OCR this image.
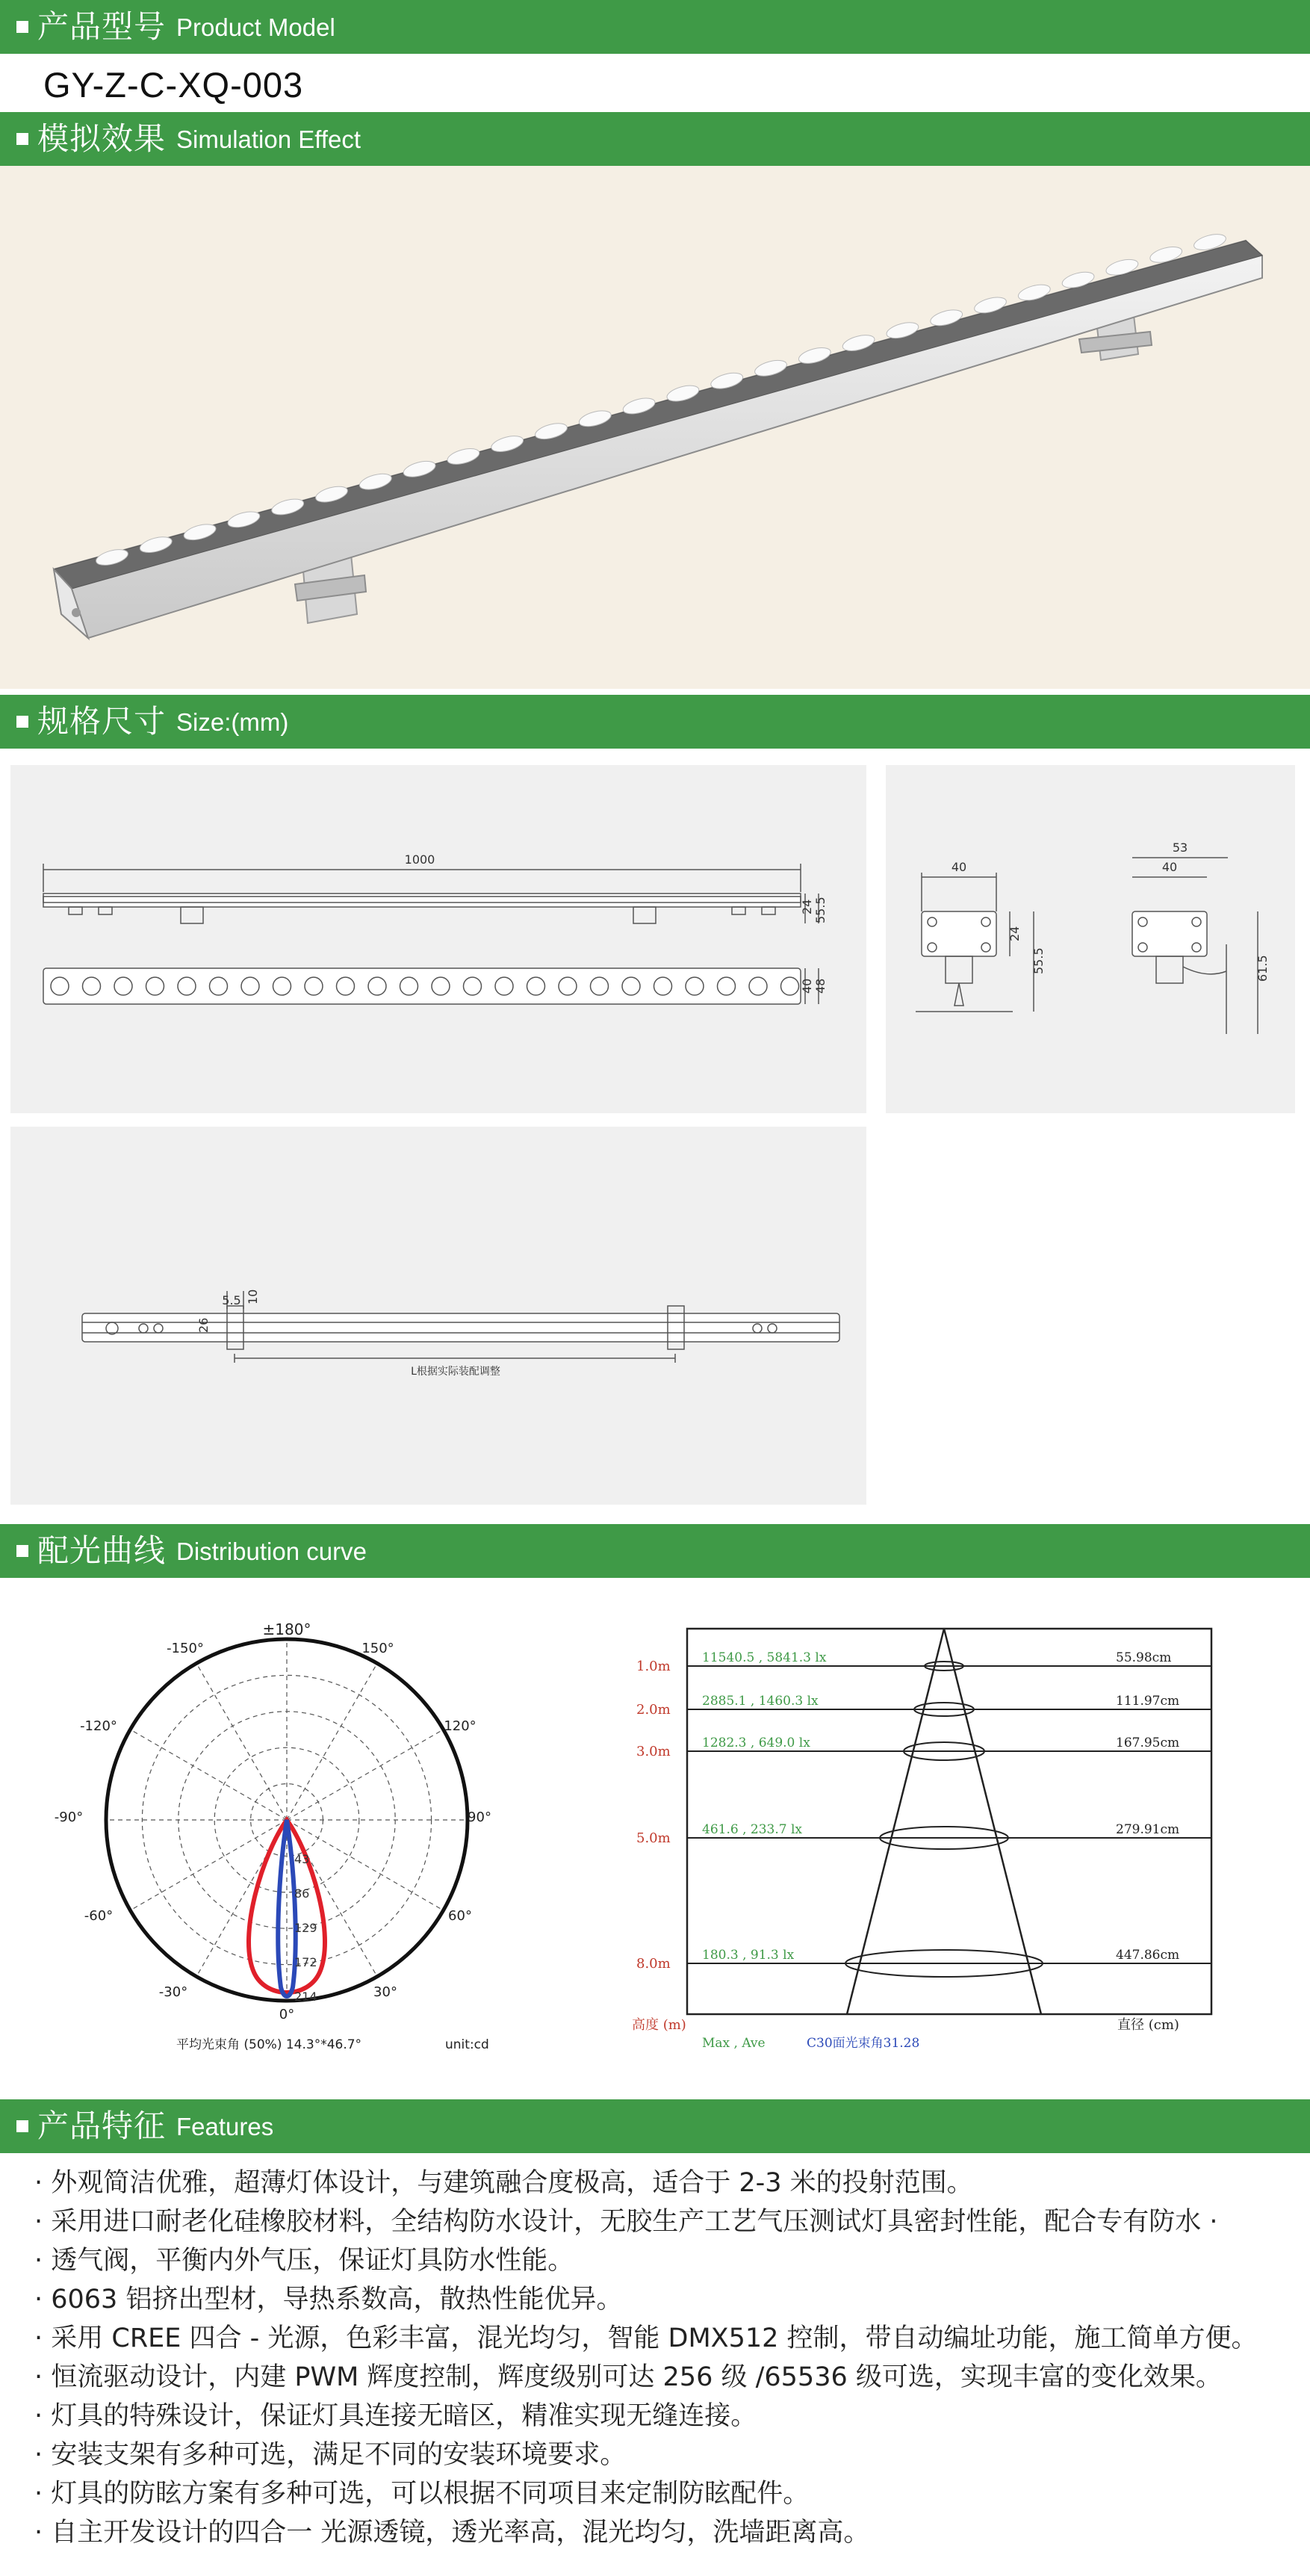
产品型号 Product Model
GY-Z-C-XQ-003
模拟效果 Simulation Effect
规格尺寸 Size:(mm)
1000
24 55.5
40 48
40
24
55.5
53
40
61.5
5.5 10
26
L根据实际装配调整
配光曲线 Distribution curve
±180°
-150°	150°
-120°	120°
-90°	90°
-60°	60°
-30°	30°
0°
43
86
129
172
214
平均光束角 (50%) 14.3°*46.7°	unit:cd
1.0m
11540.5 , 5841.3 lx	55.98cm
2.0m
2885.1 , 1460.3 lx	111.97cm
3.0m
1282.3 , 649.0 lx	167.95cm
5.0m
461.6 , 233.7 lx	279.91cm
8.0m
180.3 , 91.3 lx	447.86cm
高度 (m)	直径 (cm)
Max , Ave	C30面光束角31.28
产品特征 Features
· 外观简洁优雅，超薄灯体设计，与建筑融合度极高，适合于 2-3 米的投射范围。
· 采用进口耐老化硅橡胶材料，全结构防水设计，无胶生产工艺气压测试灯具密封性能，配合专有防水 ·
· 透气阀，平衡内外气压，保证灯具防水性能。
· 6063 铝挤出型材，导热系数高，散热性能优异。
· 采用 CREE 四合 - 光源，色彩丰富，混光均匀，智能 DMX512 控制，带自动编址功能，施工简单方便。
· 恒流驱动设计，内建 PWM 辉度控制，辉度级别可达 256 级 /65536 级可选，实现丰富的变化效果。
· 灯具的特殊设计，保证灯具连接无暗区，精准实现无缝连接。
· 安装支架有多种可选，满足不同的安装环境要求。
· 灯具的防眩方案有多种可选，可以根据不同项目来定制防眩配件。
· 自主开发设计的四合一 光源透镜，透光率高，混光均匀，洗墙距离高。
